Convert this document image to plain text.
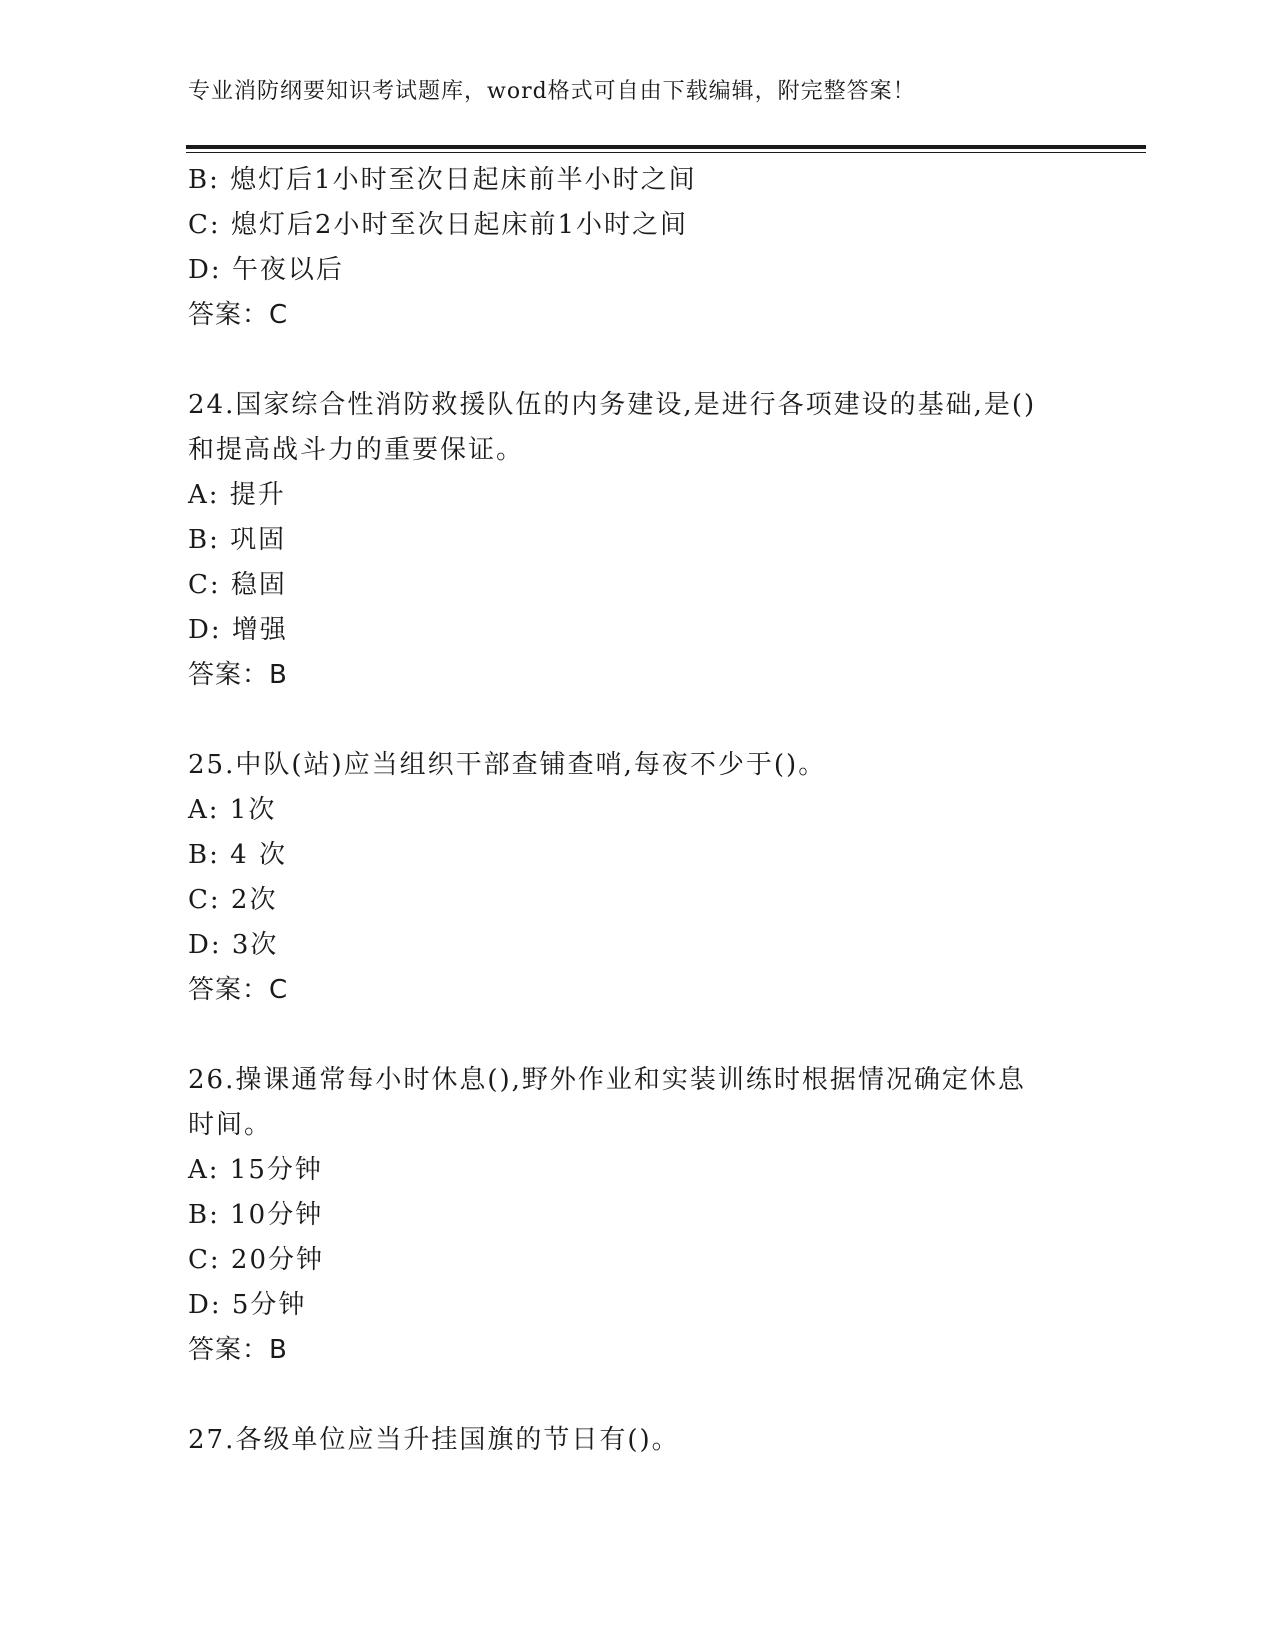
专业消防纲要知识考试题库，word格式可自由下载编辑，附完整答案！
B: 熄灯后1小时至次日起床前半小时之间
C: 熄灯后2小时至次日起床前1小时之间
D: 午夜以后
答案：C
24.国家综合性消防救援队伍的内务建设,是进行各项建设的基础,是()
和提高战斗力的重要保证。
A: 提升
B: 巩固
C: 稳固
D: 增强
答案：B
25.中队(站)应当组织干部查铺查哨,每夜不少于()。
A: 1次
B: 4 次
C: 2次
D: 3次
答案：C
26.操课通常每小时休息(),野外作业和实装训练时根据情况确定休息
时间。
A: 15分钟
B: 10分钟
C: 20分钟
D: 5分钟
答案：B
27.各级单位应当升挂国旗的节日有()。
